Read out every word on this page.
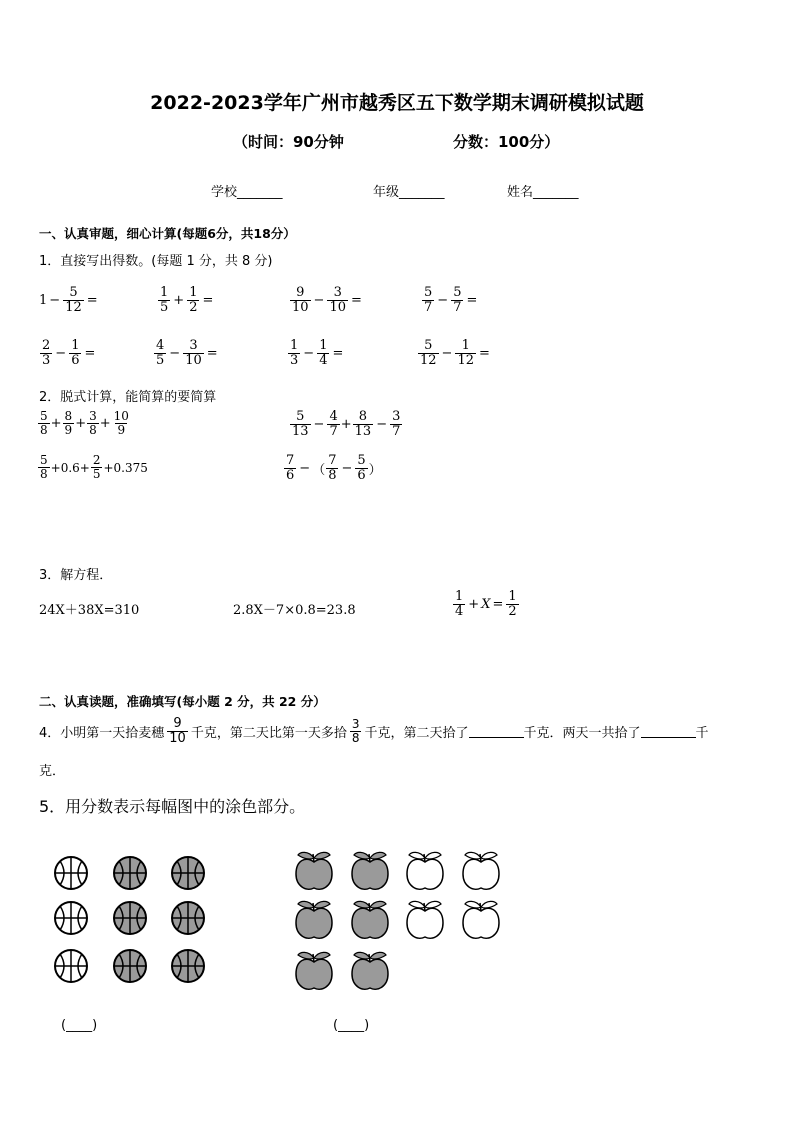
2022-2023学年广州市越秀区五下数学期末调研模拟试题
（时间：90分钟	分数：100分）
学校_______	年级_______	姓名_______
一、认真审题，细心计算(每题6分，共18分）
1．直接写出得数。(每题 1 分，共 8 分)
$1 - \frac{5}{12}$ =	$\frac{1}{5} + \frac{1}{2}$ =	$\frac{9}{10} - \frac{3}{10}$ =	$\frac{5}{7} - \frac{5}{7}$ =
$\frac{2}{3} - \frac{1}{6}$ =	$\frac{4}{5} - \frac{3}{10}$ =	$\frac{1}{3} - \frac{1}{4}$ =	$\frac{5}{12} - \frac{1}{12}$ =
2．脱式计算，能简算的要简算
$\frac{5}{8} + \frac{8}{9} + \frac{3}{8} + \frac{10}{9}$	$\frac{5}{13} - \frac{4}{7} + \frac{8}{13} - \frac{3}{7}$
$\frac{5}{8} +0.6+ \frac{2}{5} +0.375$	$\frac{7}{6}$ − （ $\frac{7}{8} - \frac{5}{6}$ ）
3．解方程．
24X＋38X=310	2.8X－7×0.8=23.8	$\frac{1}{4} + X = \frac{1}{2}$
二、认真读题，准确填写(每小题 2 分，共 22 分）
4．小明第一天拾麦穗 $\frac{9}{10}$ 千克，第二天比第一天多拾 $\frac{3}{8}$ 千克，第二天拾了	千克．两天一共拾了	千
克．
5．用分数表示每幅图中的涂色部分。
(____)	(____)
